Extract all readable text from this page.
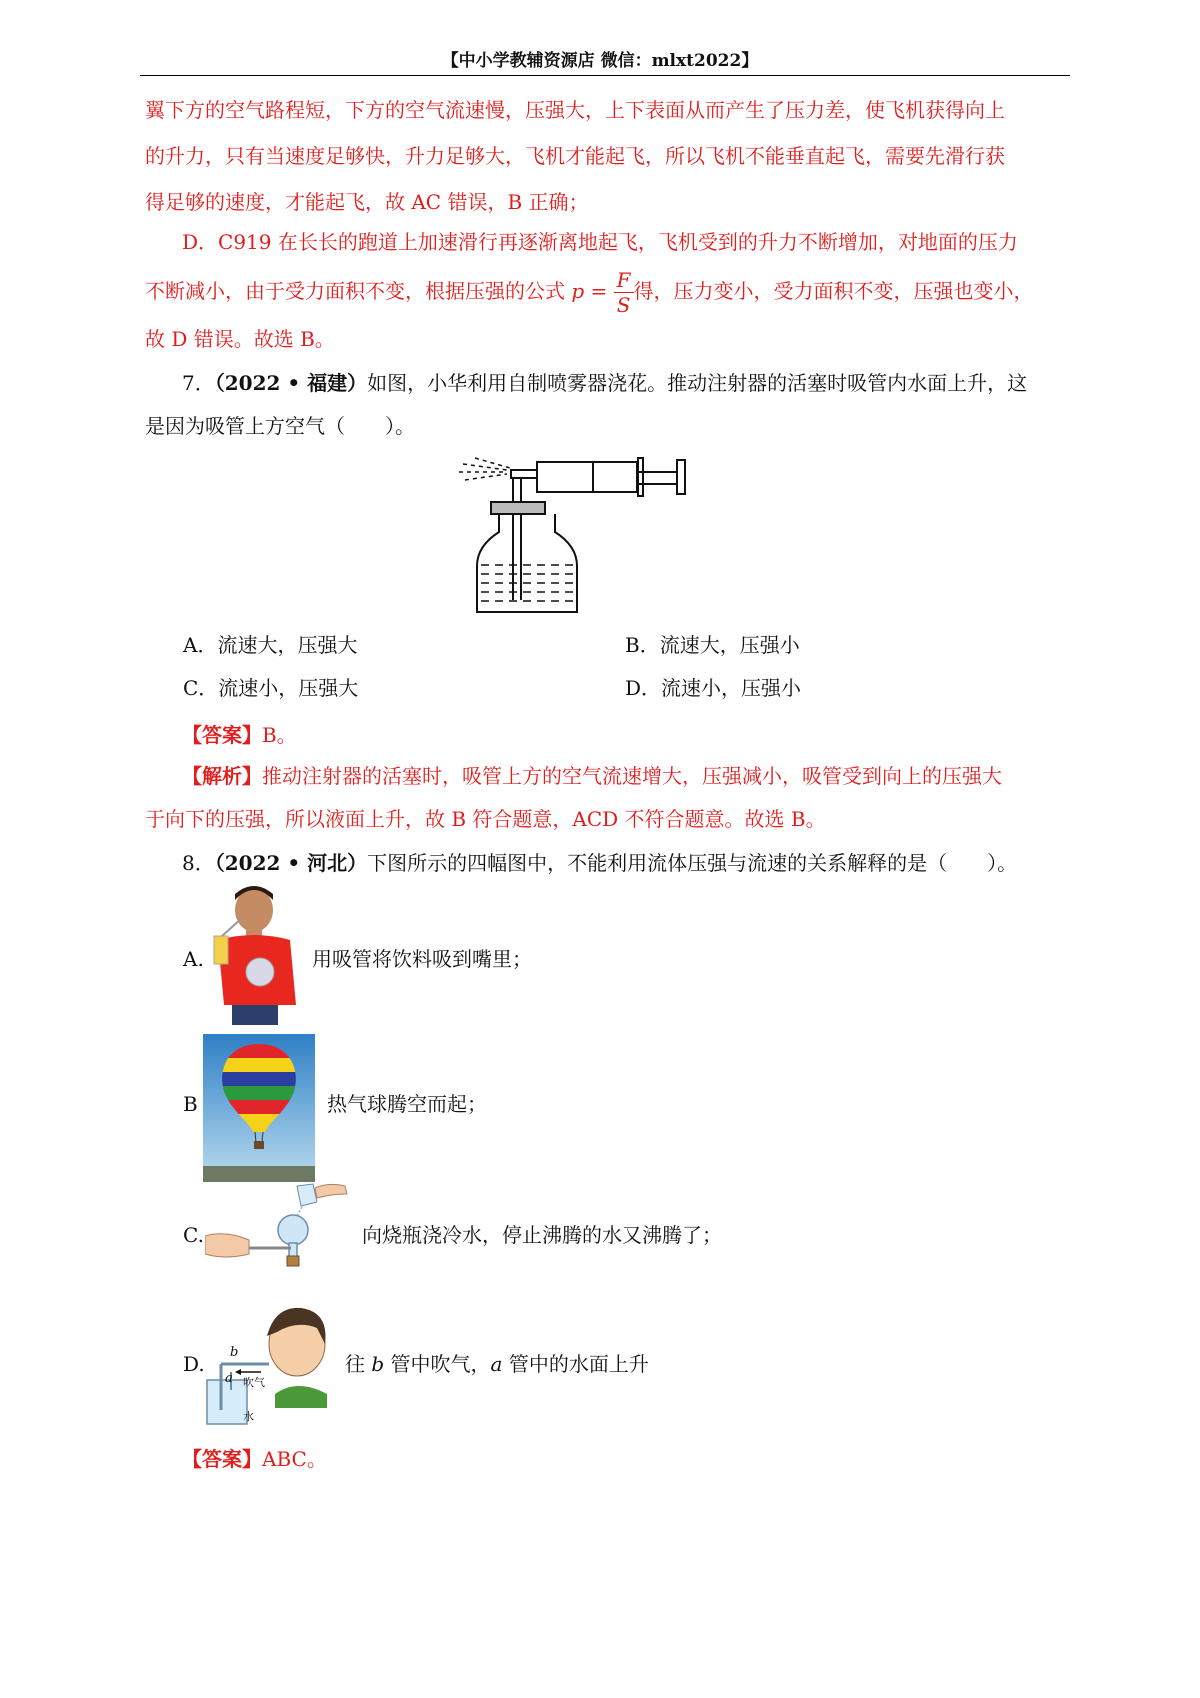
【中小学教辅资源店 微信：mlxt2022】
翼下方的空气路程短，下方的空气流速慢，压强大，上下表面从而产生了压力差，使飞机获得向上
的升力，只有当速度足够快，升力足够大，飞机才能起飞，所以飞机不能垂直起飞，需要先滑行获
得足够的速度，才能起飞，故 AC 错误，B 正确；
D．C919 在长长的跑道上加速滑行再逐渐离地起飞，飞机受到的升力不断增加，对地面的压力
不断减小，由于受力面积不变，根据压强的公式 $p = \frac{F}{S}$ 得，压力变小，受力面积不变，压强也变小，
故 D 错误。故选 B。
7．（2022 • 福建）如图，小华利用自制喷雾器浇花。推动注射器的活塞时吸管内水面上升，这
是因为吸管上方空气（　　）。
A．流速大，压强大	B．流速大，压强小
C．流速小，压强大	D．流速小，压强小
【答案】B。
【解析】推动注射器的活塞时，吸管上方的空气流速增大，压强减小，吸管受到向上的压强大
于向下的压强，所以液面上升，故 B 符合题意，ACD 不符合题意。故选 B。
8．（2022 • 河北）下图所示的四幅图中，不能利用流体压强与流速的关系解释的是（　　）。
A.	用吸管将饮料吸到嘴里；
B	热气球腾空而起；
C.	向烧瓶浇冷水，停止沸腾的水又沸腾了；
D. b
a 吹气
水
往 b 管中吹气，a 管中的水面上升
【答案】ABC。
